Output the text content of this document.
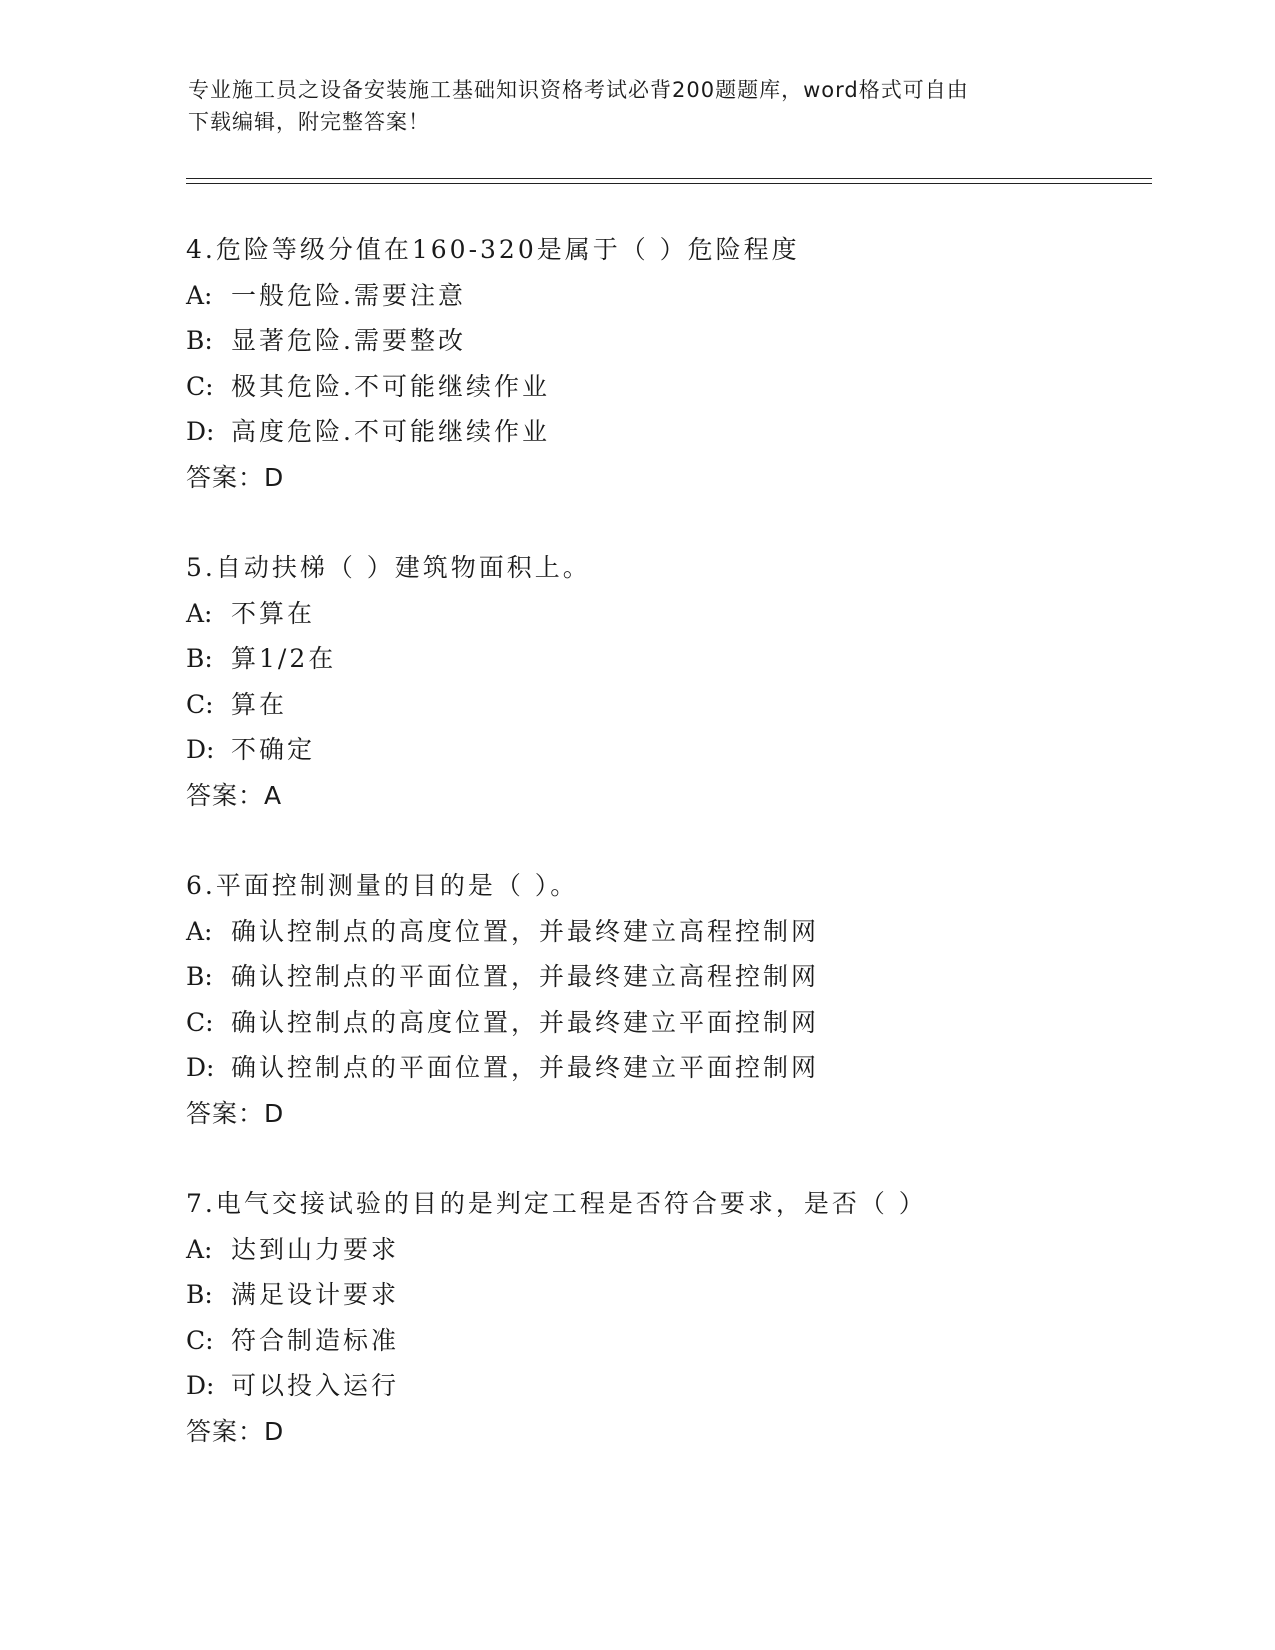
专业施工员之设备安装施工基础知识资格考试必背200题题库，word格式可自由
下载编辑，附完整答案！
4.危险等级分值在160-320是属于（ ）危险程度
A: 一般危险.需要注意
B: 显著危险.需要整改
C: 极其危险.不可能继续作业
D: 高度危险.不可能继续作业
答案：D
5.自动扶梯（ ）建筑物面积上。
A: 不算在
B: 算1/2在
C: 算在
D: 不确定
答案：A
6.平面控制测量的目的是（ ）。
A: 确认控制点的高度位置，并最终建立高程控制网
B: 确认控制点的平面位置，并最终建立高程控制网
C: 确认控制点的高度位置，并最终建立平面控制网
D: 确认控制点的平面位置，并最终建立平面控制网
答案：D
7.电气交接试验的目的是判定工程是否符合要求，是否（ ）
A: 达到山力要求
B: 满足设计要求
C: 符合制造标准
D: 可以投入运行
答案：D
